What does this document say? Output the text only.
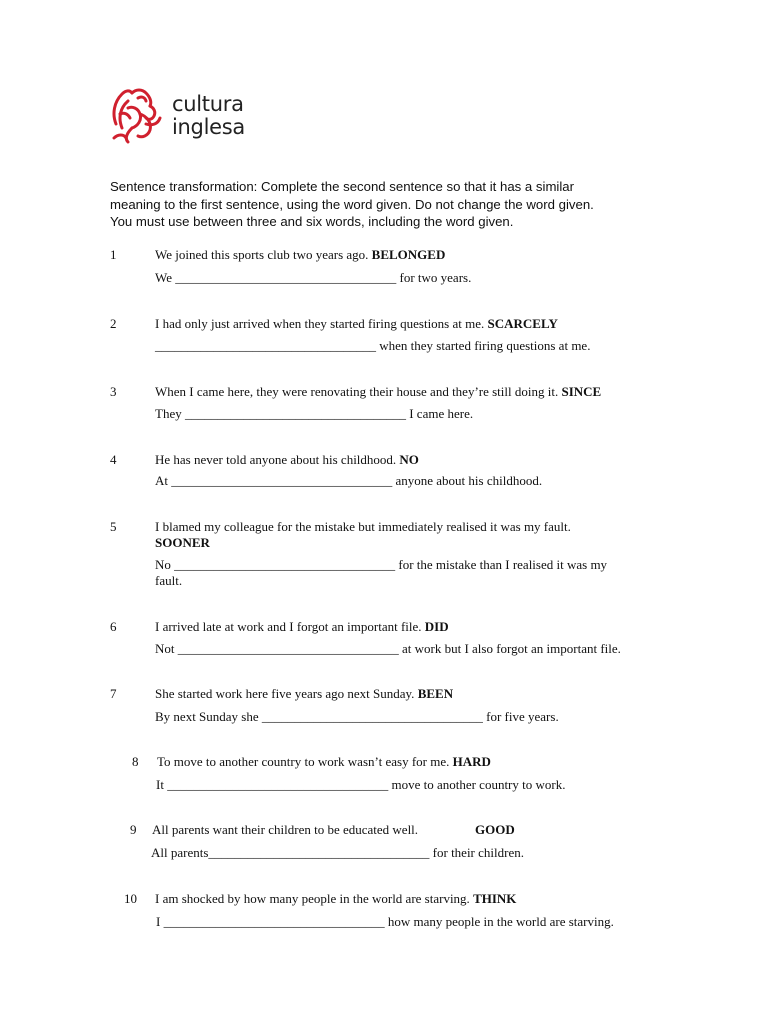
cultura
inglesa
Sentence transformation: Complete the second sentence so that it has a similar
meaning to the first sentence, using the word given. Do not change the word given.
You must use between three and six words, including the word given.
1	We joined this sports club two years ago. BELONGED
We __________________________________ for two years.
2	I had only just arrived when they started firing questions at me. SCARCELY
__________________________________ when they started firing questions at me.
3	When I came here, they were renovating their house and they’re still doing it. SINCE
They __________________________________ I came here.
4	He has never told anyone about his childhood. NO
At __________________________________ anyone about his childhood.
5	I blamed my colleague for the mistake but immediately realised it was my fault.
SOONER
No __________________________________ for the mistake than I realised it was my
fault.
6	I arrived late at work and I forgot an important file. DID
Not __________________________________ at work but I also forgot an important file.
7	She started work here five years ago next Sunday. BEEN
By next Sunday she __________________________________ for five years.
8	To move to another country to work wasn’t easy for me. HARD
It __________________________________ move to another country to work.
9	All parents want their children to be educated well.	GOOD
All parents__________________________________ for their children.
10	I am shocked by how many people in the world are starving. THINK
I __________________________________ how many people in the world are starving.
